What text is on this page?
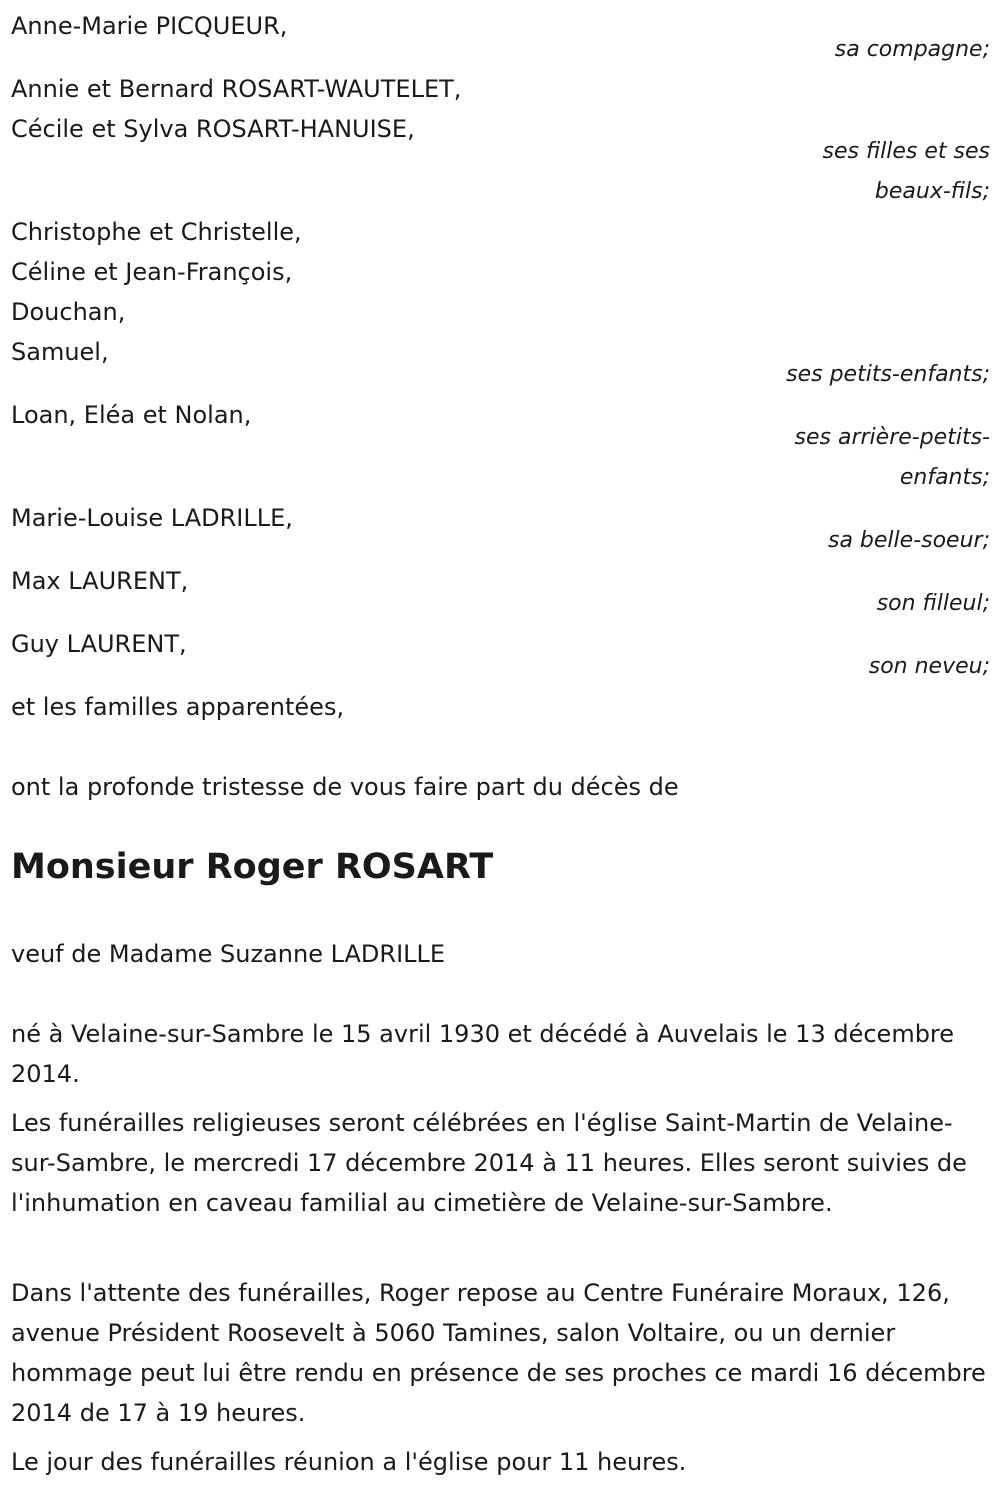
Anne-Marie PICQUEUR,
Annie et Bernard ROSART-WAUTELET,
Cécile et Sylva ROSART-HANUISE,
Christophe et Christelle,
Céline et Jean-François,
Douchan,
Samuel,
Loan, Eléa et Nolan,
Marie-Louise LADRILLE,
Max LAURENT,
Guy LAURENT,
et les familles apparentées,
sa compagne;
ses filles et ses
beaux-fils;
ses petits-enfants;
ses arrière-petits-
enfants;
sa belle-soeur;
son filleul;
son neveu;
ont la profonde tristesse de vous faire part du décès de
Monsieur Roger ROSART
veuf de Madame Suzanne LADRILLE
né à Velaine-sur-Sambre le 15 avril 1930 et décédé à Auvelais le 13 décembre 2014.
Les funérailles religieuses seront célébrées en l'église Saint-Martin de Velaine-sur-Sambre, le mercredi 17 décembre 2014 à 11 heures. Elles seront suivies de l'inhumation en caveau familial au cimetière de Velaine-sur-Sambre.
Dans l'attente des funérailles, Roger repose au Centre Funéraire Moraux, 126, avenue Président Roosevelt à 5060 Tamines, salon Voltaire, ou un dernier hommage peut lui être rendu en présence de ses proches ce mardi 16 décembre 2014 de 17 à 19 heures.
Le jour des funérailles réunion a l'église pour 11 heures.
